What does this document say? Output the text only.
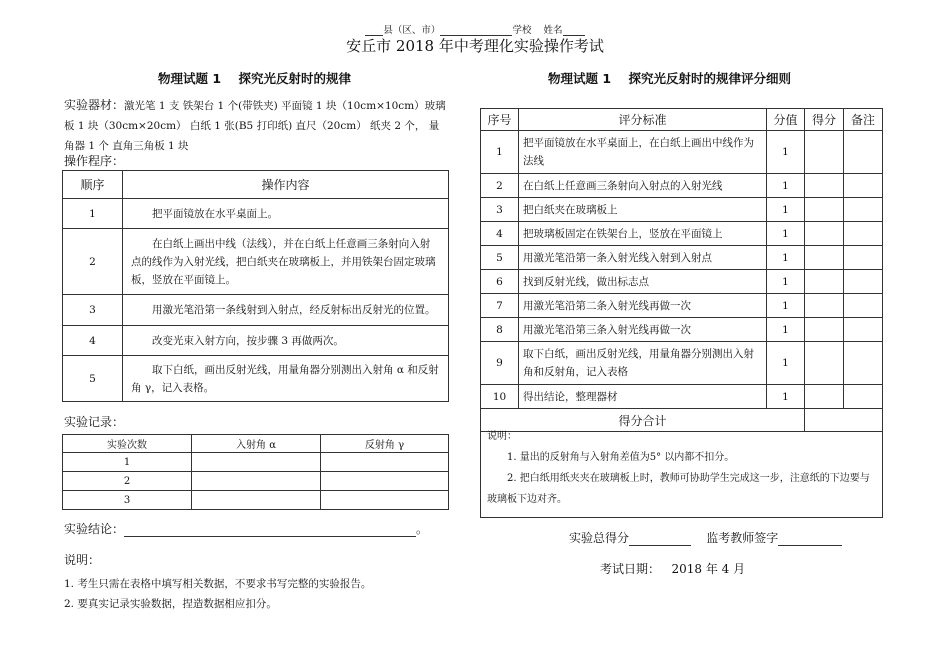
县（区、市）	学校 姓名
安丘市 2018 年中考理化实验操作考试
物理试题 1    探究光反射时的规律	物理试题 1    探究光反射时的规律评分细则
实验器材：激光笔 1 支 铁架台 1 个(带铁夹) 平面镜 1 块（10cm×10cm）玻璃板 1 块（30cm×20cm） 白纸 1 张(B5 打印纸) 直尺（20cm） 纸夹 2 个， 量角器 1 个 直角三角板 1 块
操作程序：
顺序	操作内容
1	把平面镜放在水平桌面上。
2	在白纸上画出中线（法线），并在白纸上任意画三条射向入射点的线作为入射光线，把白纸夹在玻璃板上，并用铁架台固定玻璃板，竖放在平面镜上。
3	用激光笔沿第一条线射到入射点，经反射标出反射光的位置。
4	改变光束入射方向，按步骤 3 再做两次。
5	取下白纸，画出反射光线，用量角器分别测出入射角 α 和反射角 γ，记入表格。
实验记录：
实验次数	入射角 α	反射角 γ
1		
2		
3		
实验结论：	。
说明：
1. 考生只需在表格中填写相关数据，不要求书写完整的实验报告。
2. 要真实记录实验数据，捏造数据相应扣分。
序号	评分标准	分值	得分	备注
1	把平面镜放在水平桌面上，在白纸上画出中线作为法线	1		
2	在白纸上任意画三条射向入射点的入射光线	1		
3	把白纸夹在玻璃板上	1		
4	把玻璃板固定在铁架台上，竖放在平面镜上	1		
5	用激光笔沿第一条入射光线入射到入射点	1		
6	找到反射光线，做出标志点	1		
7	用激光笔沿第二条入射光线再做一次	1		
8	用激光笔沿第三条入射光线再做一次	1		
9	取下白纸，画出反射光线，用量角器分别测出入射角和反射角，记入表格	1		
10	得出结论，整理器材	1		
得分合计				

说明：

1. 量出的反射角与入射角差值为5° 以内都不扣分。

2. 把白纸用纸夹夹在玻璃板上时，教师可协助学生完成这一步，注意纸的下边要与玻璃板下边对齐。

实验总得分	监考教师签字
考试日期： 2018 年 4 月
